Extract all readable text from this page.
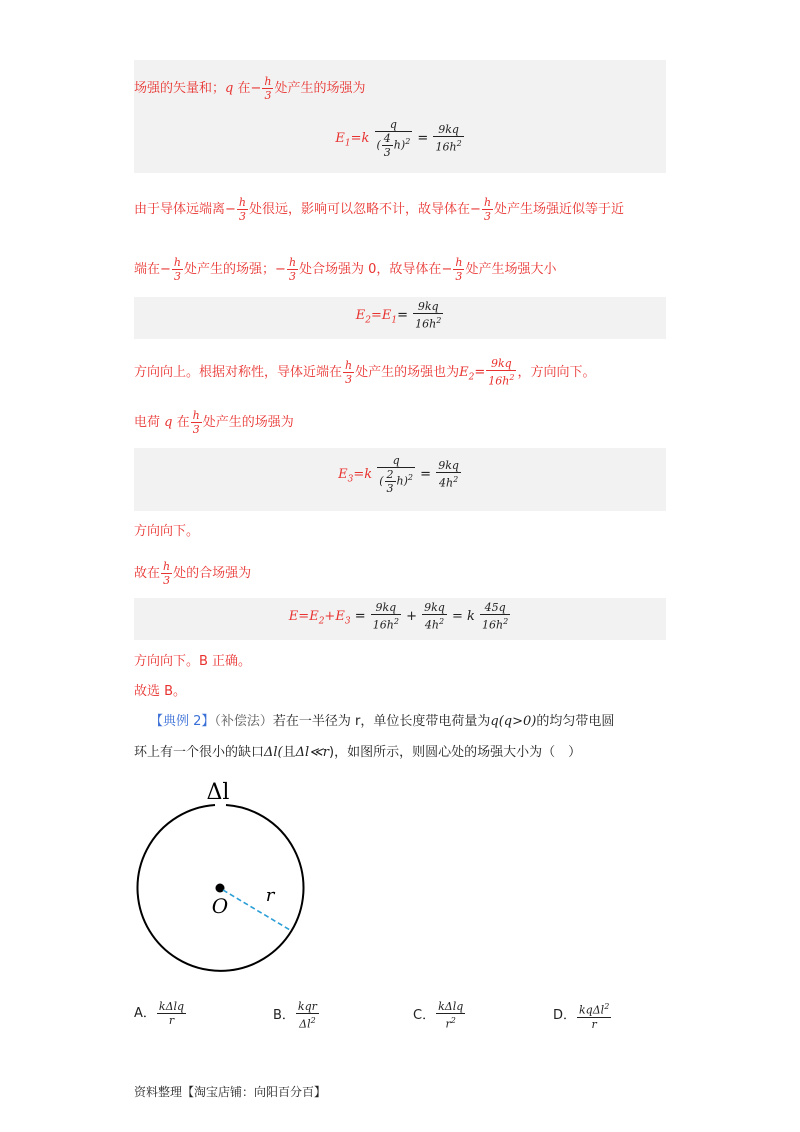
场强的矢量和；q 在− $\frac{h}{3}$ 处产生的场强为
$E_1=k \frac{q}{( \frac{4}{3} h)^2} = \frac{9kq}{16h^2}$
由于导体远端离− $\frac{h}{3}$ 处很远，影响可以忽略不计，故导体在− $\frac{h}{3}$ 处产生场强近似等于近
端在− $\frac{h}{3}$ 处产生的场强；− $\frac{h}{3}$ 处合场强为 0，故导体在− $\frac{h}{3}$ 处产生场强大小
$E_2=E_1= \frac{9kq}{16h^2}$
方向向上。根据对称性，导体近端在 $\frac{h}{3}$ 处产生的场强也为$E_2= \frac{9kq}{16h^2}$ ，方向向下。
电荷 q 在 $\frac{h}{3}$ 处产生的场强为
$E_3=k \frac{q}{( \frac{2}{3} h)^2} = \frac{9kq}{4h^2}$
方向向下。
故在 $\frac{h}{3}$ 处的合场强为
$E=E_2+E_3 = \frac{9kq}{16h^2} + \frac{9kq}{4h^2} = k \frac{45q}{16h^2}$
方向向下。B 正确。
故选 B。
【典例 2】（补偿法）若在一半径为 r，单位长度带电荷量为q(q>0)的均匀带电圆
环上有一个很小的缺口Δl(且Δl≪r)，如图所示，则圆心处的场强大小为（　）
Δl
O r
A． $\frac{\text{kΔlq}}{r}$	B． $\frac{\text{kqr}}{\Delta l^2}$	C． $\frac{\text{kΔlq}}{r^2}$	D． $\frac{kq\Delta l^2}{r}$
资料整理【淘宝店铺：向阳百分百】
